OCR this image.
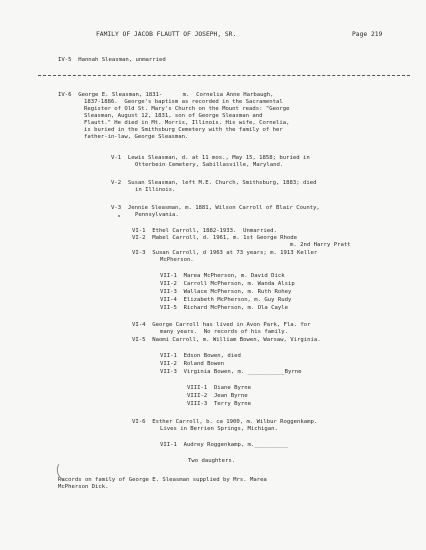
FAMILY OF JACOB FLAUTT OF JOSEPH, SR.	Page 219
IV-5  Hannah Sleasman, unmarried
IV-6  George E. Sleasman, 1831-      m.  Cornelia Anne Harbaugh,
1837-1886.  George's baptism as recorded in the Sacramental
Register of Old St. Mary's Church on the Mount reads: "George
Sleasman, August 12, 1831, son of George Sleasman and
Flautt." He died in Mt. Morris, Illinois. His wife, Cornelia,
is buried in the Smithsburg Cemetery with the family of her
father-in-law, George Sleasman.
V-1  Lewis Sleasman, d. at 11 mos., May 15, 1858; buried in
Otterbein Cemetery, Sabillasville, Maryland.
V-2  Susan Sleasman, left M.E. Church, Smithsburg, 1883; died
in Illinois.
V-3  Jennie Sleasman, m. 1881, Wilson Carroll of Blair County,
Pennsylvania.
VI-1  Ethel Carroll, 1882-1933.  Unmarried.
VI-2  Mabel Carroll, d. 1961, m. 1st George Rhode
m. 2nd Harry Pratt
VI-3  Susan Carroll, d 1963 at 73 years; m. 1913 Keller
McPherson.
VII-1  Marea McPherson, m. David Dick
VII-2  Carroll McPherson, m. Wanda Alsip
VII-3  Wallace McPherson, m. Ruth Rohey
VII-4  Elizabeth McPherson, m. Guy Rudy
VII-5  Richard McPherson, m. Ola Cayle
VI-4  George Carroll has lived in Avon Park, Fla. for
many years.  No records of his family.
VI-5  Naomi Carroll, m. William Bowen, Warsaw, Virginia.
VII-1  Edson Bowen, died
VII-2  Roland Bowen
VII-3  Virginia Bowen, m. ___________Byrne
VIII-1  Diane Byrne
VIII-2  Jean Byrne
VIII-3  Terry Byrne
VI-6  Esther Carroll, b. ca 1900, m. Wilbur Roggenkamp.
Lives in Berrien Springs, Michigan.
VII-1  Audrey Roggenkamp, m.__________
Two daughters.
Records on family of George E. Sleasman supplied by Mrs. Marea
McPherson Dick.
